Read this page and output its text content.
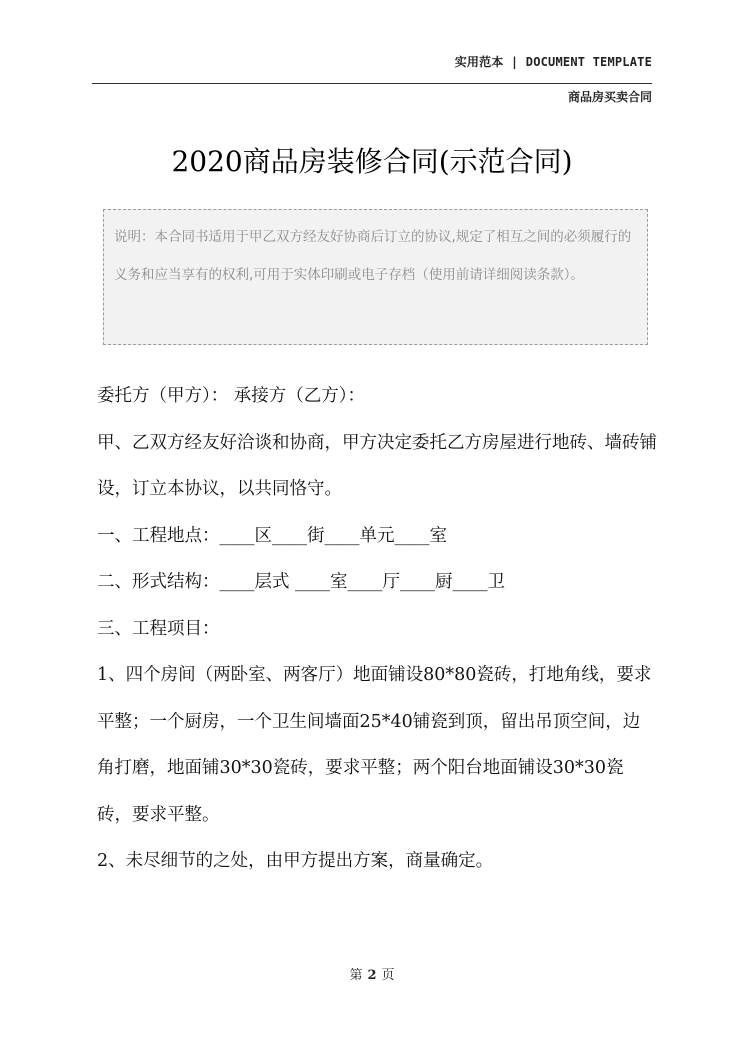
实用范本 | DOCUMENT TEMPLATE
商品房买卖合同
2020商品房装修合同(示范合同)
说明：本合同书适用于甲乙双方经友好协商后订立的协议,规定了相互之间的必须履行的义务和应当享有的权利,可用于实体印刷或电子存档（使用前请详细阅读条款）。

委托方（甲方）： 承接方（乙方）：

甲、乙双方经友好洽谈和协商，甲方决定委托乙方房屋进行地砖、墙砖铺设，订立本协议，以共同恪守。

一、工程地点：____区____街____单元____室

二、形式结构：____层式 ____室____厅____厨____卫

三、工程项目：

1、四个房间（两卧室、两客厅）地面铺设80*80瓷砖，打地角线，要求平整；一个厨房，一个卫生间墙面25*40铺瓷到顶，留出吊顶空间，边角打磨，地面铺30*30瓷砖，要求平整；两个阳台地面铺设30*30瓷砖，要求平整。

2、未尽细节的之处，由甲方提出方案，商量确定。

第 2 页
